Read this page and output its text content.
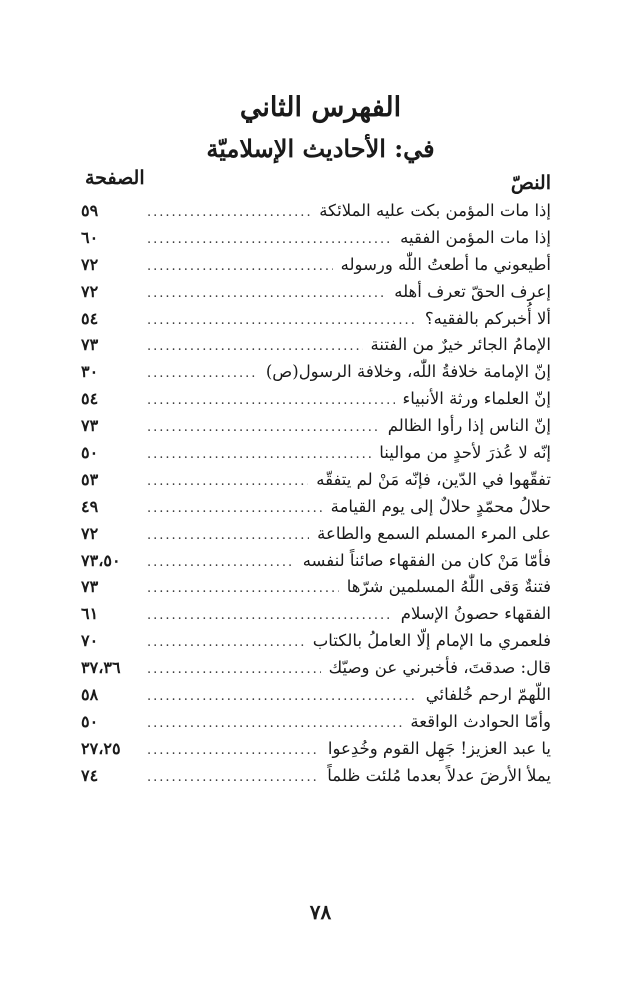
الفهرس الثاني
في: الأحاديث الإسلاميّة
النصّ
الصفحة
إذا مات المؤمن بكت عليه الملائكة
.....
٥٩
إذا مات المؤمن الفقيه
.....
٦٠
أطيعوني ما أطعتُ اللّٰه ورسوله
.....
٧٢
إعرف الحقّ تعرف أهله
.....
٧٢
ألا أُخبركم بالفقيه؟
.....
٥٤
الإمامُ الجائر خيرٌ من الفتنة
.....
٧٣
إنّ الإمامة خلافةُ اللّٰه، وخلافة الرسول(ص)
.....
٣٠
إنّ العلماء ورثة الأنبياء
.....
٥٤
إنّ الناس إذا رأوا الظالم
.....
٧٣
إنّه لا عُذرَ لأحدٍ من موالينا
.....
٥٠
تفقّهوا في الدّين، فإنّه مَنْ لم يتفقّه
.....
٥٣
حلالُ محمّدٍ حلالٌ إلى يوم القيامة
.....
٤٩
على المرء المسلم السمع والطاعة
.....
٧٢
فأمّا مَنْ كان من الفقهاء صائناً لنفسه
.....
٧٣،٥٠
فتنةٌ وَقى اللّٰهُ المسلمين شرّها
.....
٧٣
الفقهاء حصونُ الإسلام
.....
٦١
فلعمري ما الإمام إلّا العاملُ بالكتاب
.....
٧٠
قال: صدقتَ، فأخبرني عن وصيّك
.....
٣٧،٣٦
اللّهمّ ارحم خُلفائي
.....
٥٨
وأمّا الحوادث الواقعة
.....
٥٠
يا عبد العزيز! جَهِل القوم وخُدِعوا
.....
٢٧،٢٥
يملأ الأرضَ عدلاً بعدما مُلئت ظلماً
.....
٧٤
٧٨
